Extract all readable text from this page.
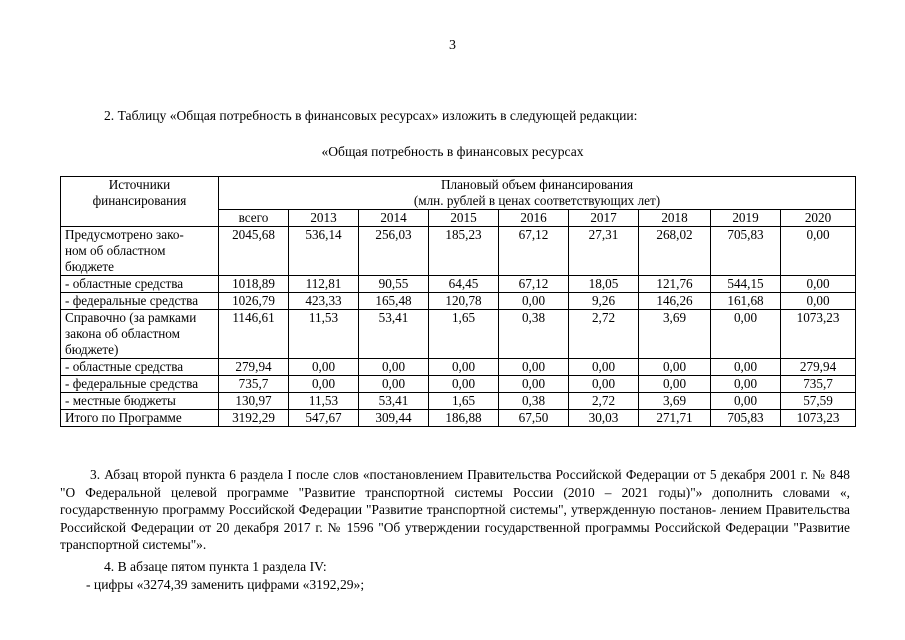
3
2. Таблицу «Общая потребность в финансовых ресурсах» изложить в следующей редакции:
«Общая потребность в финансовых ресурсах
Источники финансирования	Плановый объем финансирования
(млн. рублей в ценах соответствующих лет)								

	всего	2013	2014	2015	2016	2017	2018	2019	2020
Предусмотрено зако-
ном об областном
бюджете	2045,68	536,14	256,03	185,23	67,12	27,31	268,02	705,83	0,00
- областные средства	1018,89	112,81	90,55	64,45	67,12	18,05	121,76	544,15	0,00
- федеральные средства	1026,79	423,33	165,48	120,78	0,00	9,26	146,26	161,68	0,00
Справочно (за рамками
закона об областном
бюджете)	1146,61	11,53	53,41	1,65	0,38	2,72	3,69	0,00	1073,23
- областные средства	279,94	0,00	0,00	0,00	0,00	0,00	0,00	0,00	279,94
- федеральные средства	735,7	0,00	0,00	0,00	0,00	0,00	0,00	0,00	735,7
- местные бюджеты	130,97	11,53	53,41	1,65	0,38	2,72	3,69	0,00	57,59
Итого по Программе	3192,29	547,67	309,44	186,88	67,50	30,03	271,71	705,83	1073,23
3. Абзац второй пункта 6 раздела I после слов «постановлением Правительства Российской Федерации от 5 декабря 2001 г. № 848 "О Федеральной целевой программе "Развитие транспортной системы России (2010 – 2021 годы)"» дополнить словами «, государственную программу Российской Федерации "Развитие транспортной системы", утвержденную постанов- лением Правительства Российской Федерации от 20 декабря 2017 г. № 1596 "Об утверждении государственной программы Российской Федерации "Развитие транспортной системы"».
4. В абзаце пятом пункта 1 раздела IV:
- цифры «3274,39 заменить цифрами «3192,29»;
